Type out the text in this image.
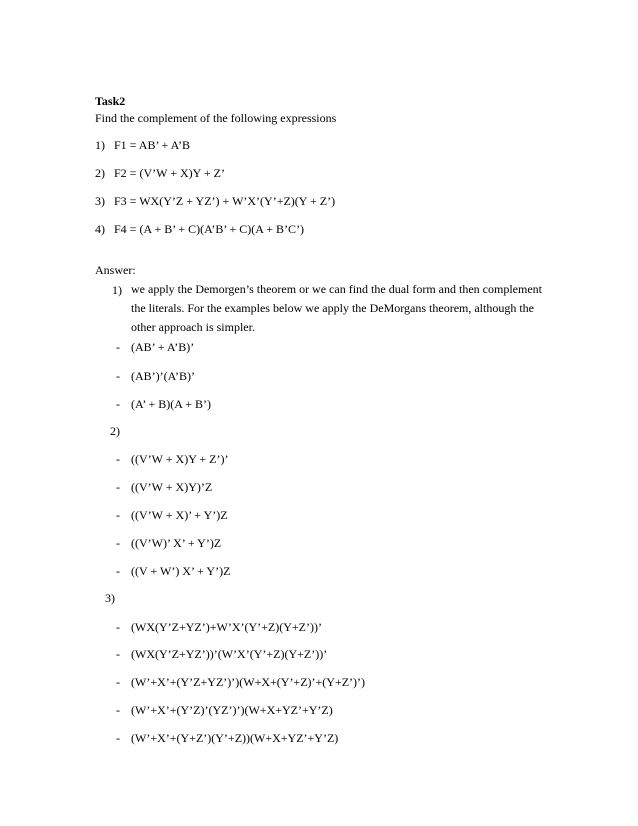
Task2
Find the complement of the following expressions
1) F1 = AB’ + A’B
2) F2 = (V’W + X)Y + Z’
3) F3 = WX(Y’Z + YZ’) + W’X’(Y’+Z)(Y + Z’)
4) F4 = (A + B’ + C)(A’B’ + C)(A + B’C’)
Answer:
1) we apply the Demorgen’s theorem or we can find the dual form and then complement the literals. For the examples below we apply the DeMorgans theorem, although the other approach is simpler.
- (AB’ + A’B)’
- (AB’)’(A’B)’
- (A’ + B)(A + B’)
2)
- ((V’W + X)Y + Z’)’
- ((V’W + X)Y)’Z
- ((V’W + X)’ + Y’)Z
- ((V’W)’ X’ + Y’)Z
- ((V + W’) X’ + Y’)Z
3)
- (WX(Y’Z+YZ’)+W’X’(Y’+Z)(Y+Z’))’
- (WX(Y’Z+YZ’))’(W’X’(Y’+Z)(Y+Z’))’
- (W’+X’+(Y’Z+YZ’)’)(W+X+(Y’+Z)’+(Y+Z’)’)
- (W’+X’+(Y’Z)’(YZ’)’)(W+X+YZ’+Y’Z)
- (W’+X’+(Y+Z’)(Y’+Z))(W+X+YZ’+Y’Z)
